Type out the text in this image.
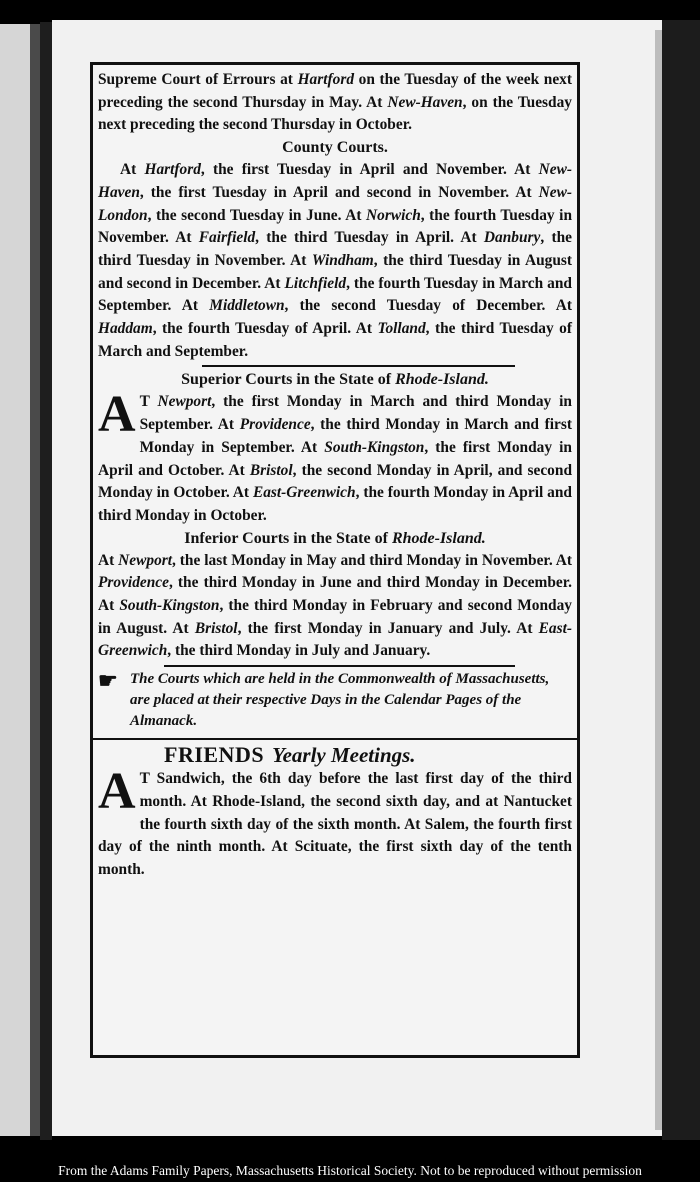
Supreme Court of Errours at Hartford on the Tuesday of the week next preceding the second Thursday in May. At New-Haven, on the Tuesday next preceding the second Thursday in October.

County Courts.

At Hartford, the first Tuesday in April and November. At New-Haven, the first Tuesday in April and second in November. At New-London, the second Tuesday in June. At Norwich, the fourth Tuesday in November. At Fairfield, the third Tuesday in April. At Danbury, the third Tuesday in November. At Windham, the third Tuesday in August and second in December. At Litchfield, the fourth Tuesday in March and September. At Middletown, the second Tuesday of December. At Haddam, the fourth Tuesday of April. At Tolland, the third Tuesday of March and September.

Superior Courts in the State of Rhode-Island.

A T Newport, the first Monday in March and third Monday in September. At Providence, the third Monday in March and first Monday in September. At South-Kingston, the first Monday in April and October. At Bristol, the second Monday in April, and second Monday in October. At East-Greenwich, the fourth Monday in April and third Monday in October.

Inferior Courts in the State of Rhode-Island.

At Newport, the last Monday in May and third Monday in November. At Providence, the third Monday in June and third Monday in December. At South-Kingston, the third Monday in February and second Monday in August. At Bristol, the first Monday in January and July. At East-Greenwich, the third Monday in July and January.

☛ The Courts which are held in the Commonwealth of Massachusetts, are placed at their respective Days in the Calendar Pages of the Almanack.
FRIENDS Yearly Meetings.
A T Sandwich, the 6th day before the last first day of the third month. At Rhode-Island, the second sixth day, and at Nantucket the fourth sixth day of the sixth month. At Salem, the fourth first day of the ninth month. At Scituate, the first sixth day of the tenth month.
From the Adams Family Papers, Massachusetts Historical Society. Not to be reproduced without permission
